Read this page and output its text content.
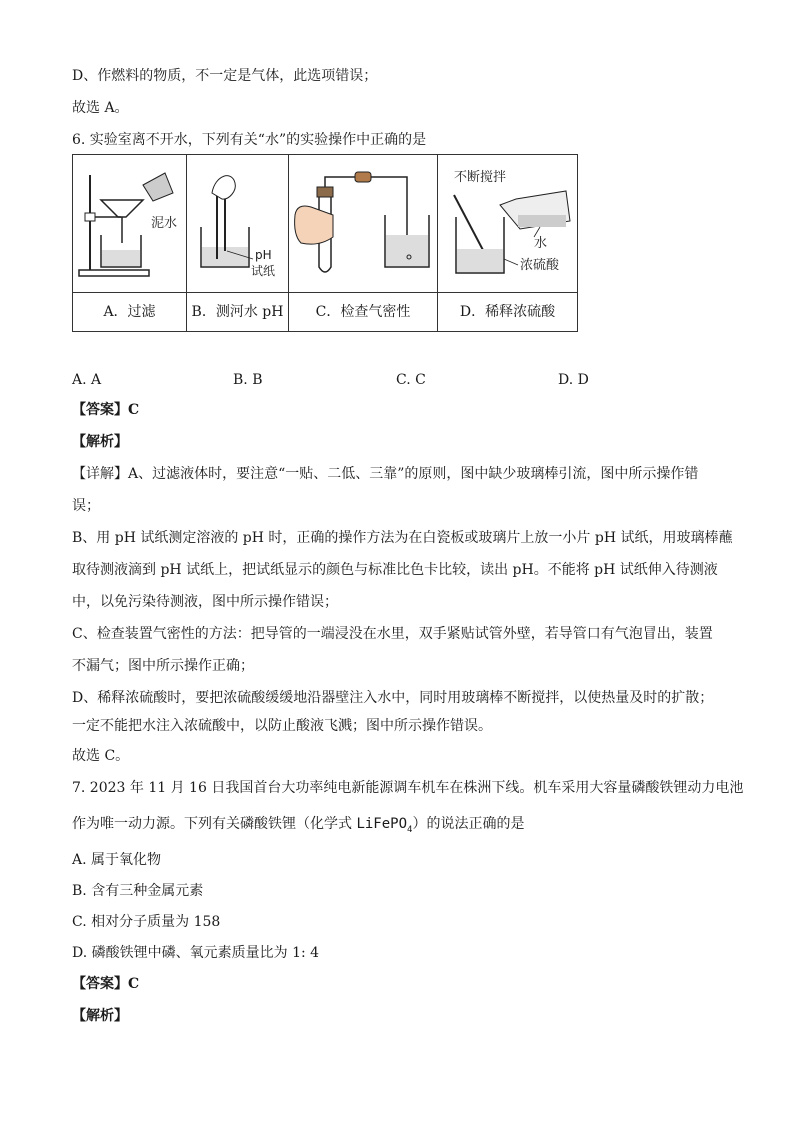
D、作燃料的物质，不一定是气体，此选项错误；
故选 A。
6. 实验室离不开水，下列有关“水”的实验操作中正确的是
泥水
pH
试纸
不断搅拌
水
浓硫酸
A．过滤	B．测河水 pH	C．检查气密性	D．稀释浓硫酸
A. A	B. B	C. C	D. D
【答案】C
【解析】
【详解】A、过滤液体时，要注意“一贴、二低、三靠”的原则，图中缺少玻璃棒引流，图中所示操作错
误；
B、用 pH 试纸测定溶液的 pH 时，正确的操作方法为在白瓷板或玻璃片上放一小片 pH 试纸，用玻璃棒蘸
取待测液滴到 pH 试纸上，把试纸显示的颜色与标准比色卡比较，读出 pH。不能将 pH 试纸伸入待测液
中，以免污染待测液，图中所示操作错误；
C、检查装置气密性的方法：把导管的一端浸没在水里，双手紧贴试管外壁，若导管口有气泡冒出，装置
不漏气；图中所示操作正确；
D、稀释浓硫酸时，要把浓硫酸缓缓地沿器壁注入水中，同时用玻璃棒不断搅拌，以使热量及时的扩散；
一定不能把水注入浓硫酸中，以防止酸液飞溅；图中所示操作错误。
故选 C。
7. 2023 年 11 月 16 日我国首台大功率纯电新能源调车机车在株洲下线。机车采用大容量磷酸铁锂动力电池
作为唯一动力源。下列有关磷酸铁锂（化学式 LiFePO$_4$）的说法正确的是
A. 属于氧化物
B. 含有三种金属元素
C. 相对分子质量为 158
D. 磷酸铁锂中磷、氧元素质量比为 1: 4
【答案】C
【解析】
